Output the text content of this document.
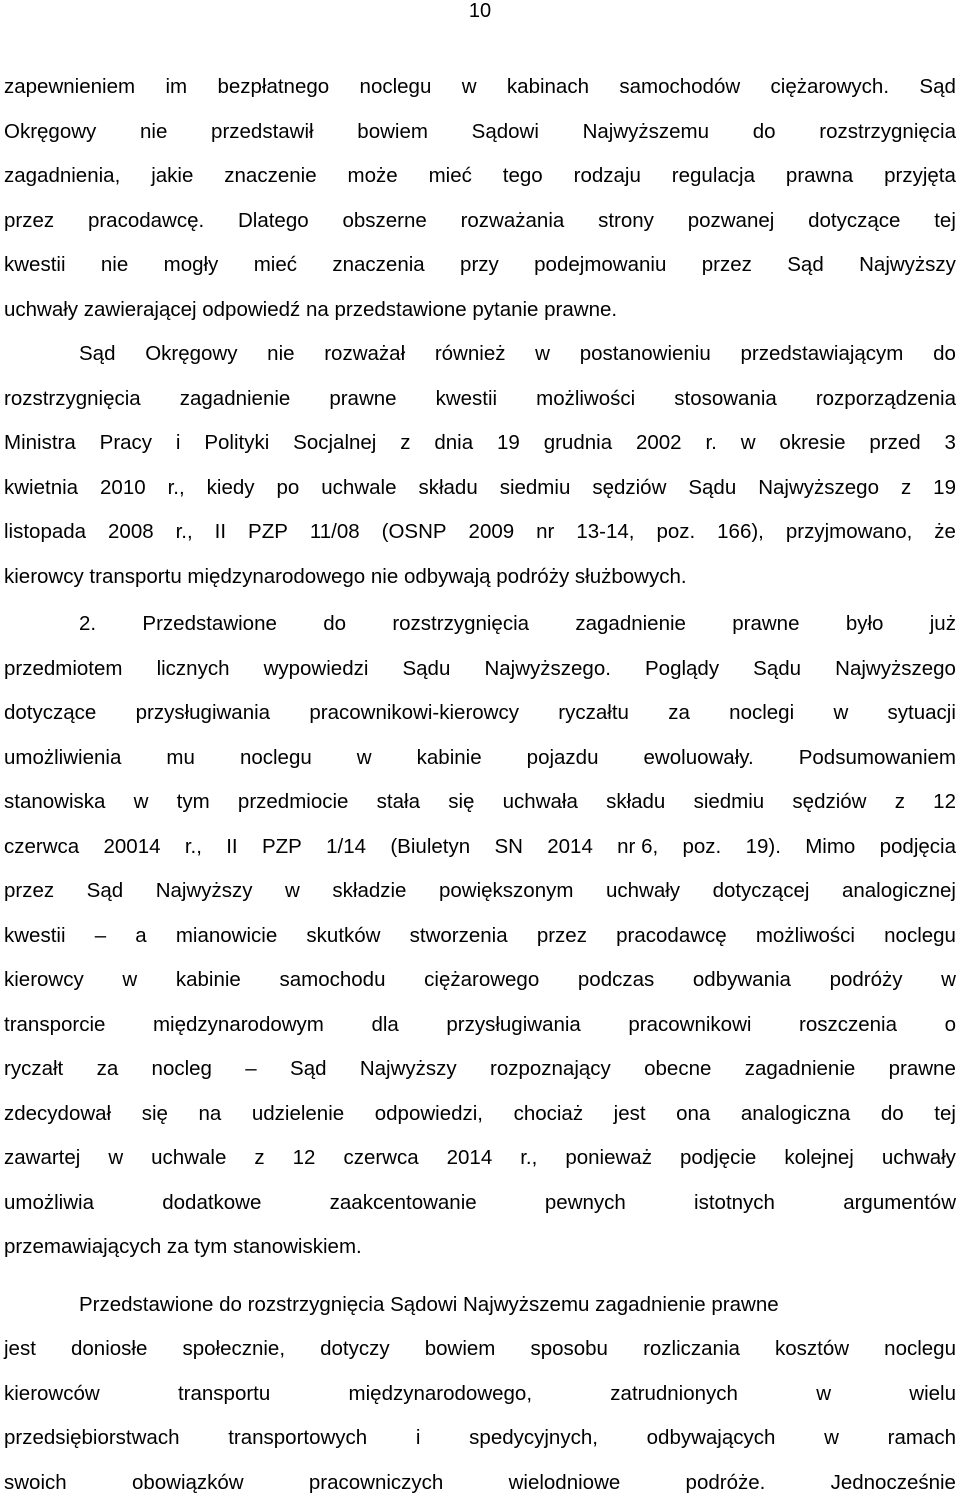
10
zapewnieniem im bezpłatnego noclegu w kabinach samochodów ciężarowych. Sąd
Okręgowy nie przedstawił bowiem Sądowi Najwyższemu do rozstrzygnięcia
zagadnienia, jakie znaczenie może mieć tego rodzaju regulacja prawna przyjęta
przez pracodawcę. Dlatego obszerne rozważania strony pozwanej dotyczące tej
kwestii nie mogły mieć znaczenia przy podejmowaniu przez Sąd Najwyższy
uchwały zawierającej odpowiedź na przedstawione pytanie prawne.
Sąd Okręgowy nie rozważał również w postanowieniu przedstawiającym do
rozstrzygnięcia zagadnienie prawne kwestii możliwości stosowania rozporządzenia
Ministra Pracy i Polityki Socjalnej z dnia 19 grudnia 2002 r. w okresie przed 3
kwietnia 2010 r., kiedy po uchwale składu siedmiu sędziów Sądu Najwyższego z 19
listopada 2008 r., II PZP 11/08 (OSNP 2009 nr 13-14, poz. 166), przyjmowano, że
kierowcy transportu międzynarodowego nie odbywają podróży służbowych.
2. Przedstawione do rozstrzygnięcia zagadnienie prawne było już
przedmiotem licznych wypowiedzi Sądu Najwyższego. Poglądy Sądu Najwyższego
dotyczące przysługiwania pracownikowi-kierowcy ryczałtu za noclegi w sytuacji
umożliwienia mu noclegu w kabinie pojazdu ewoluowały. Podsumowaniem
stanowiska w tym przedmiocie stała się uchwała składu siedmiu sędziów z 12
czerwca 20014 r., II PZP 1/14 (Biuletyn SN 2014 nr 6, poz. 19). Mimo podjęcia
przez Sąd Najwyższy w składzie powiększonym uchwały dotyczącej analogicznej
kwestii – a mianowicie skutków stworzenia przez pracodawcę możliwości noclegu
kierowcy w kabinie samochodu ciężarowego podczas odbywania podróży w
transporcie międzynarodowym dla przysługiwania pracownikowi roszczenia o
ryczałt za nocleg – Sąd Najwyższy rozpoznający obecne zagadnienie prawne
zdecydował się na udzielenie odpowiedzi, chociaż jest ona analogiczna do tej
zawartej w uchwale z 12 czerwca 2014 r., ponieważ podjęcie kolejnej uchwały
umożliwia	dodatkowe	zaakcentowanie	pewnych	istotnych	argumentów
przemawiających za tym stanowiskiem.
Przedstawione do rozstrzygnięcia Sądowi Najwyższemu zagadnienie prawne
jest doniosłe społecznie, dotyczy bowiem sposobu rozliczania kosztów noclegu
kierowców	transportu	międzynarodowego,	zatrudnionych	w	wielu
przedsiębiorstwach transportowych i spedycyjnych, odbywających w ramach
swoich	obowiązków	pracowniczych	wielodniowe	podróże.	Jednocześnie
